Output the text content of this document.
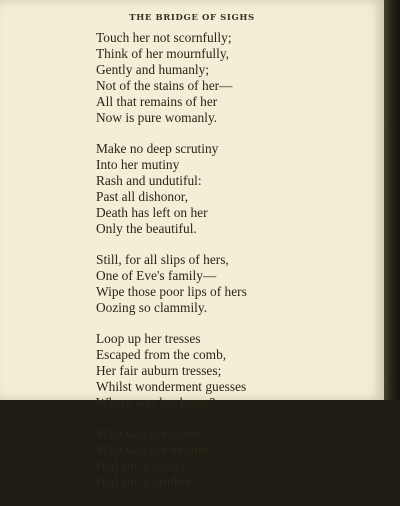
THE BRIDGE OF SIGHS
Touch her not scornfully;
Think of her mournfully,
Gently and humanly;
Not of the stains of her—
All that remains of her
Now is pure womanly.
Make no deep scrutiny
Into her mutiny
Rash and undutiful:
Past all dishonor,
Death has left on her
Only the beautiful.
Still, for all slips of hers,
One of Eve's family—
Wipe those poor lips of hers
Oozing so clammily.
Loop up her tresses
Escaped from the comb,
Her fair auburn tresses;
Whilst wonderment guesses
Where was her home?
Who was her father?
Who was her mother?
Had she a sister?
Had she a brother?
